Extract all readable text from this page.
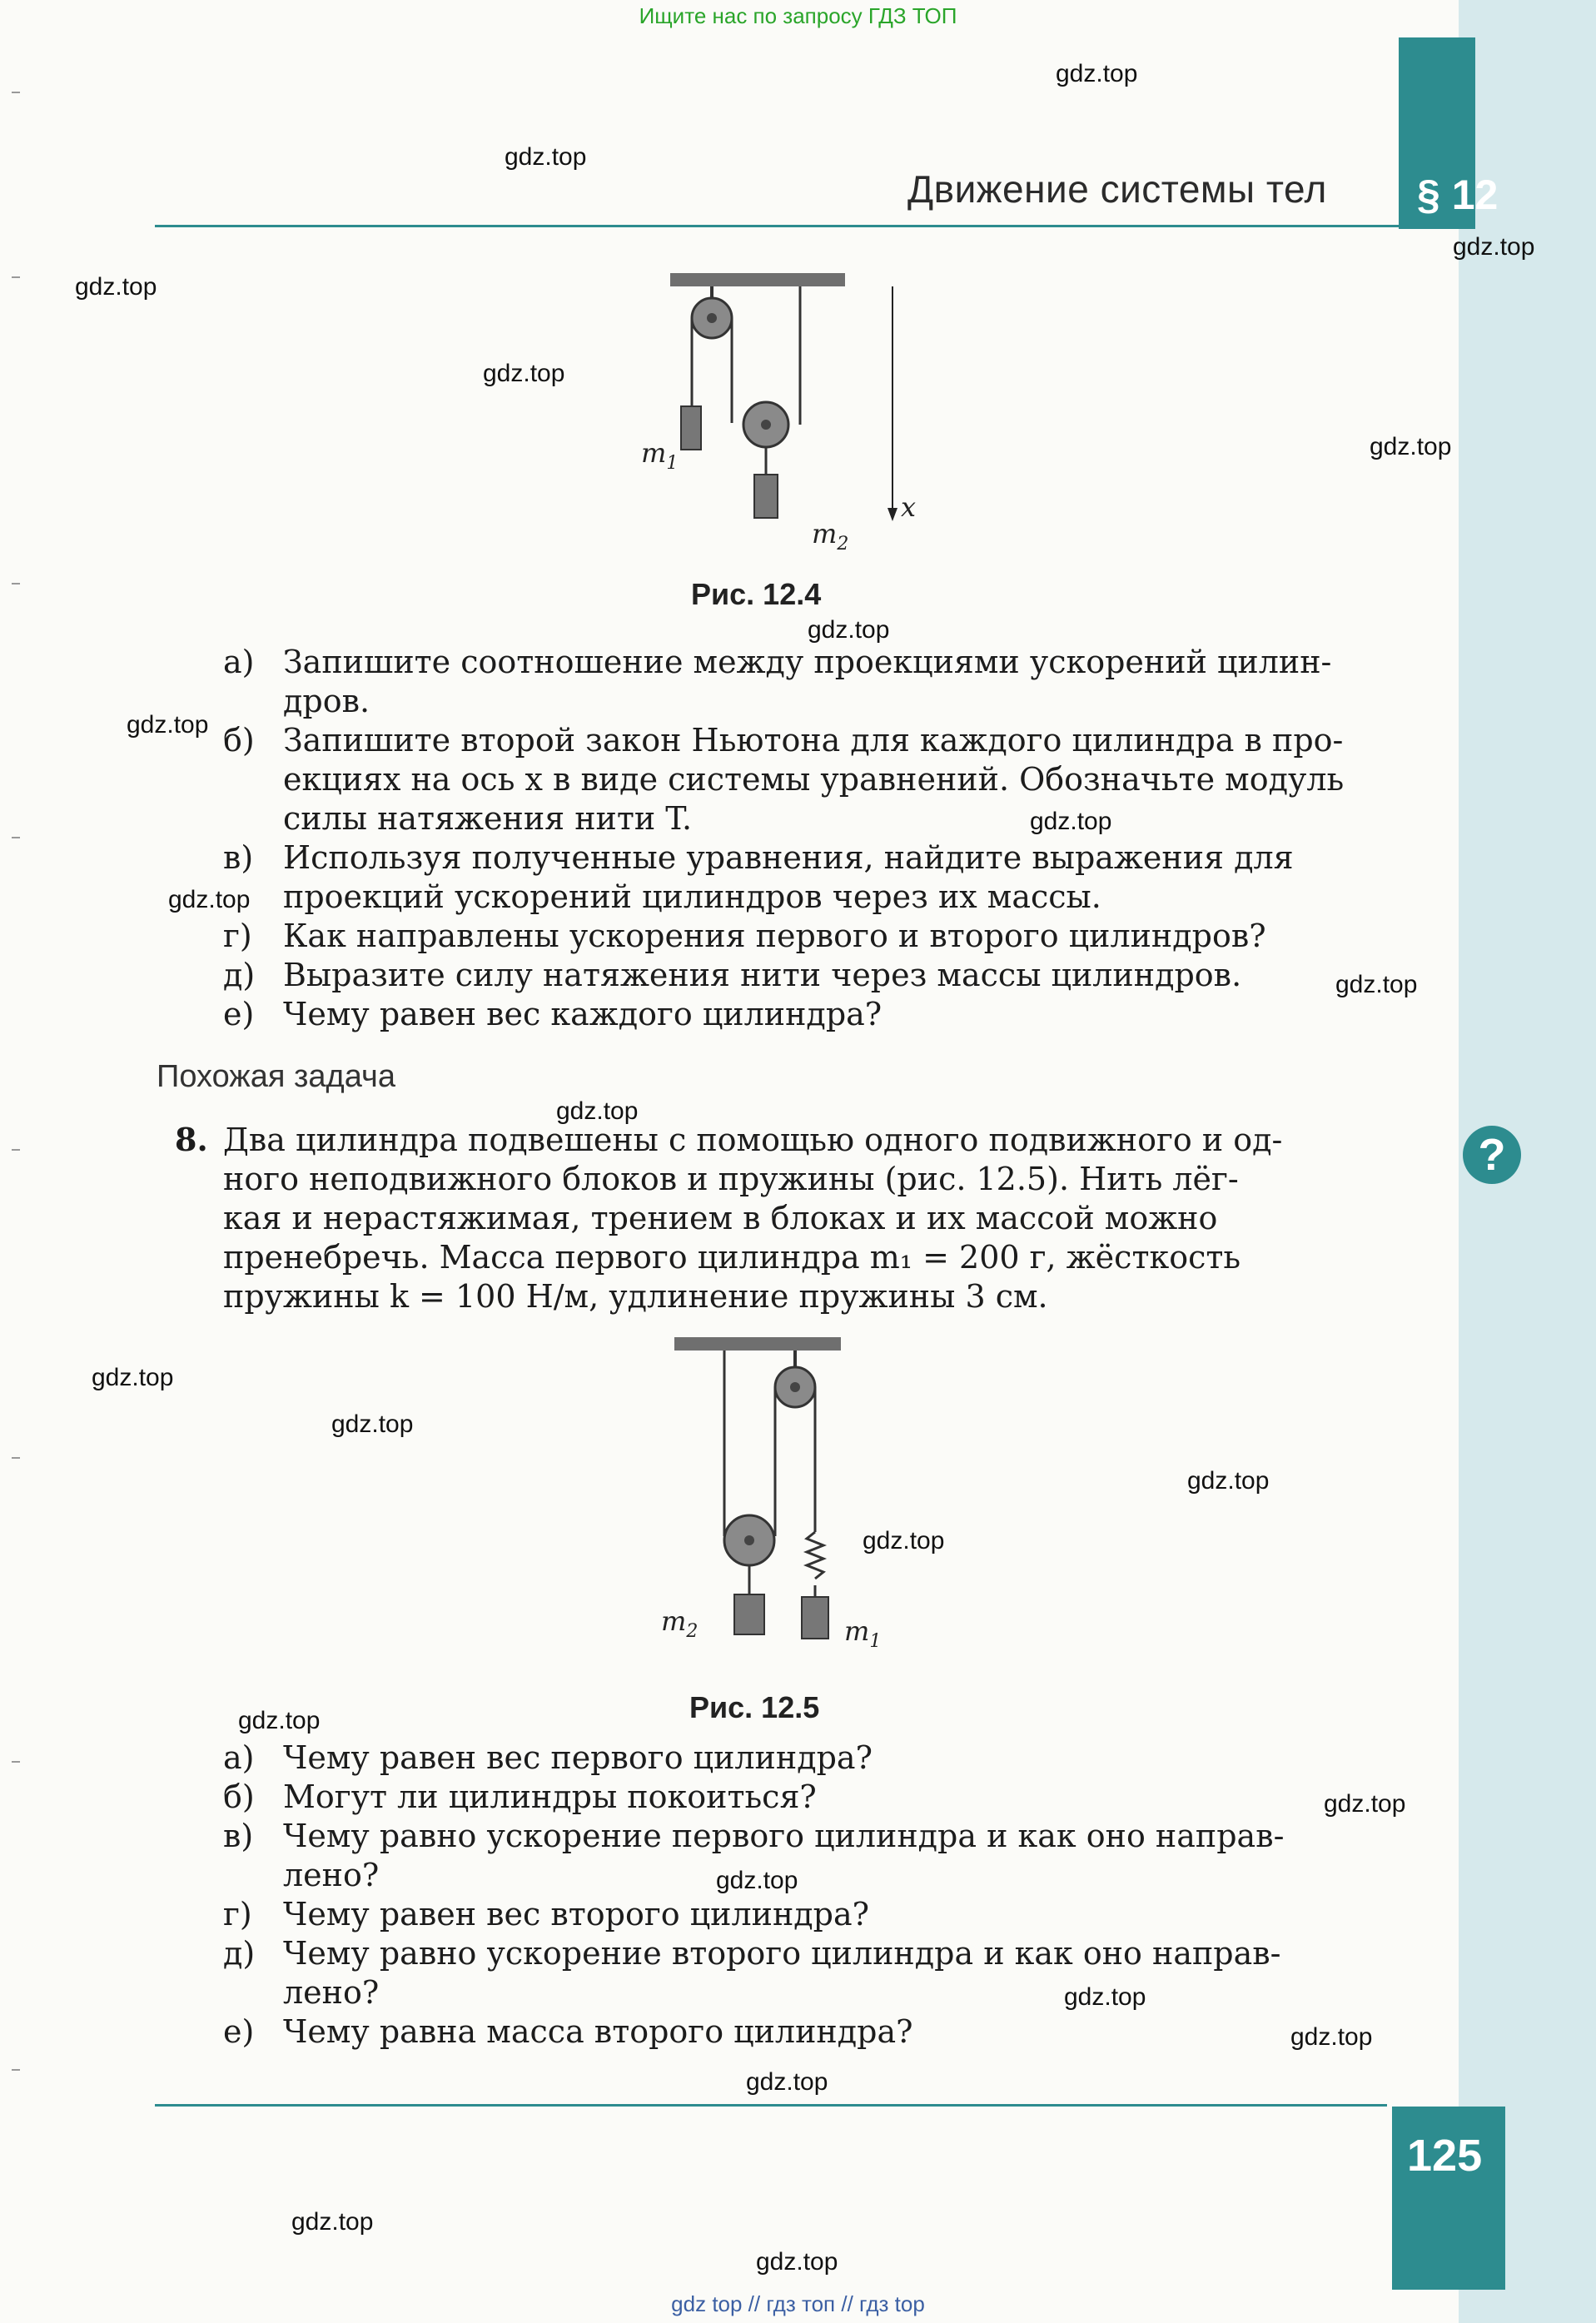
Ищите нас по запросу ГДЗ ТОП
Движение системы тел § 12
$m_1$
$m_2$
x
Рис. 12.4
а) Запишите соотношение между проекциями ускорений цилин-
дров.
б) Запишите второй закон Ньютона для каждого цилиндра в про-
екциях на ось x в виде системы уравнений. Обозначьте модуль
силы натяжения нити T.
в) Используя полученные уравнения, найдите выражения для
проекций ускорений цилиндров через их массы.
г) Как направлены ускорения первого и второго цилиндров?
д) Выразите силу натяжения нити через массы цилиндров.
е) Чему равен вес каждого цилиндра?
Похожая задача
8. Два цилиндра подвешены с помощью одного подвижного и од-
ного неподвижного блоков и пружины (рис. 12.5). Нить лёг-
кая и нерастяжимая, трением в блоках и их массой можно
пренебречь. Масса первого цилиндра m₁ = 200 г, жёсткость
пружины k = 100 Н/м, удлинение пружины 3 см.
$m_2$	$m_1$
Рис. 12.5
а) Чему равен вес первого цилиндра?
б) Могут ли цилиндры покоиться?
в) Чему равно ускорение первого цилиндра и как оно направ-
лено?
г) Чему равен вес второго цилиндра?
д) Чему равно ускорение второго цилиндра и как оно направ-
лено?
е) Чему равна масса второго цилиндра?
?
125
gdz.top
gdz.top
gdz.top
gdz.top
gdz.top
gdz.top
gdz.top
gdz.top
gdz.top
gdz.top
gdz.top
gdz.top
gdz.top
gdz.top
gdz.top
gdz.top
gdz.top
gdz.top
gdz.top
gdz.top
gdz.top
gdz.top
gdz.top
gdz.top
gdz top // гдз топ // гдз top
